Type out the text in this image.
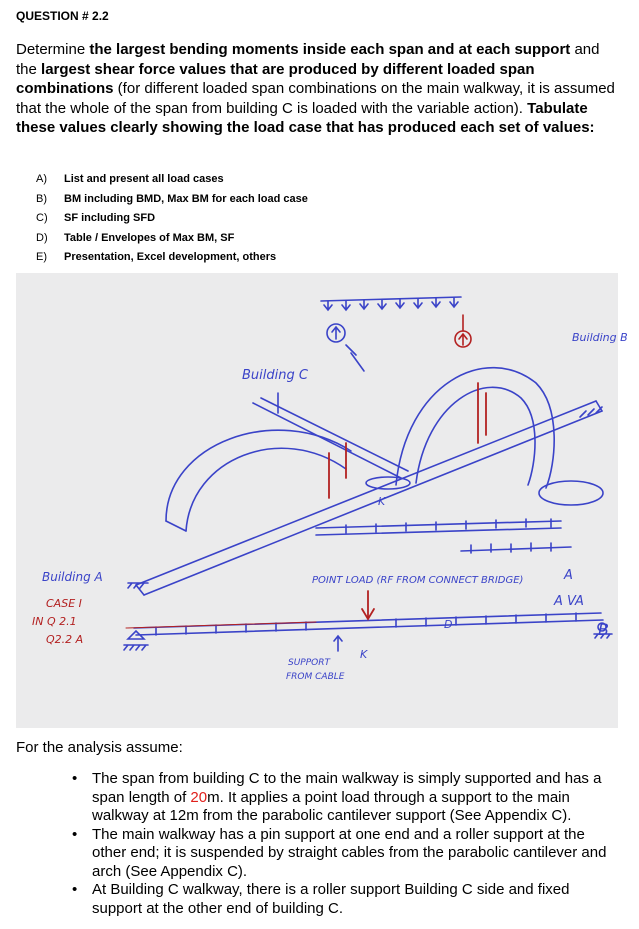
QUESTION # 2.2

Determine the largest bending moments inside each span and at each support and the largest shear force values that are produced by different loaded span combinations (for different loaded span combinations on the main walkway, it is assumed that the whole of the span from building C is loaded with the variable action). Tabulate these values clearly showing the load case that has produced each set of values:

A) List and present all load cases
B) BM including BMD, Max BM for each load case
C) SF including SFD
D) Table / Envelopes of Max BM, SF
E) Presentation, Excel development, others
Building C
Building B
Building A
K
POINT LOAD (RF FROM CONNECT BRIDGE)	A
A VA
B
D
K
SUPPORT
FROM CABLE
CASE I
IN Q 2.1
Q2.2 A
For the analysis assume:
• The span from building C to the main walkway is simply supported and has a span length of 20m. It applies a point load through a support to the main walkway at 12m from the parabolic cantilever support (See Appendix C).
• The main walkway has a pin support at one end and a roller support at the other end; it is suspended by straight cables from the parabolic cantilever and arch (See Appendix C).
• At Building C walkway, there is a roller support Building C side and fixed support at the other end of building C.
